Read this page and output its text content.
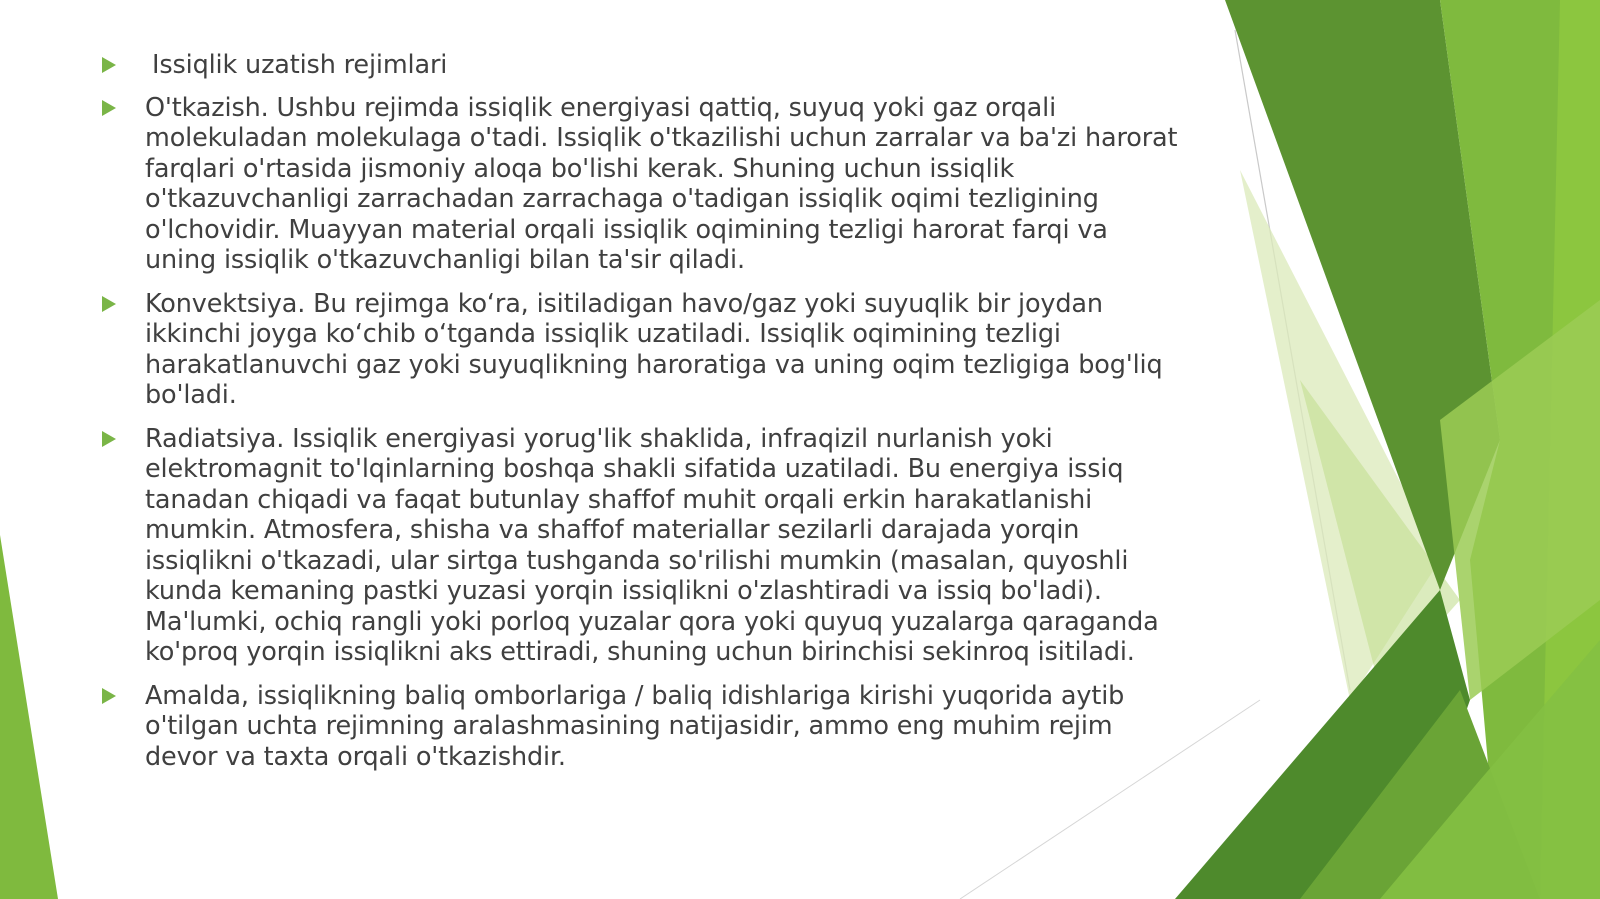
Issiqlik uzatish rejimlari
O'tkazish. Ushbu rejimda issiqlik energiyasi qattiq, suyuq yoki gaz orqali molekuladan molekulaga o'tadi. Issiqlik o'tkazilishi uchun zarralar va ba'zi harorat farqlari o'rtasida jismoniy aloqa bo'lishi kerak. Shuning uchun issiqlik o'tkazuvchanligi zarrachadan zarrachaga o'tadigan issiqlik oqimi tezligining o'lchovidir. Muayyan material orqali issiqlik oqimining tezligi harorat farqi va uning issiqlik o'tkazuvchanligi bilan ta'sir qiladi.
Konvektsiya. Bu rejimga ko‘ra, isitiladigan havo/gaz yoki suyuqlik bir joydan ikkinchi joyga ko‘chib o‘tganda issiqlik uzatiladi. Issiqlik oqimining tezligi harakatlanuvchi gaz yoki suyuqlikning haroratiga va uning oqim tezligiga bog'liq bo'ladi.
Radiatsiya. Issiqlik energiyasi yorug'lik shaklida, infraqizil nurlanish yoki elektromagnit to'lqinlarning boshqa shakli sifatida uzatiladi. Bu energiya issiq tanadan chiqadi va faqat butunlay shaffof muhit orqali erkin harakatlanishi mumkin. Atmosfera, shisha va shaffof materiallar sezilarli darajada yorqin issiqlikni o'tkazadi, ular sirtga tushganda so'rilishi mumkin (masalan, quyoshli kunda kemaning pastki yuzasi yorqin issiqlikni o'zlashtiradi va issiq bo'ladi). Ma'lumki, ochiq rangli yoki porloq yuzalar qora yoki quyuq yuzalarga qaraganda ko'proq yorqin issiqlikni aks ettiradi, shuning uchun birinchisi sekinroq isitiladi.
Amalda, issiqlikning baliq omborlariga / baliq idishlariga kirishi yuqorida aytib o'tilgan uchta rejimning aralashmasining natijasidir, ammo eng muhim rejim devor va taxta orqali o'tkazishdir.
